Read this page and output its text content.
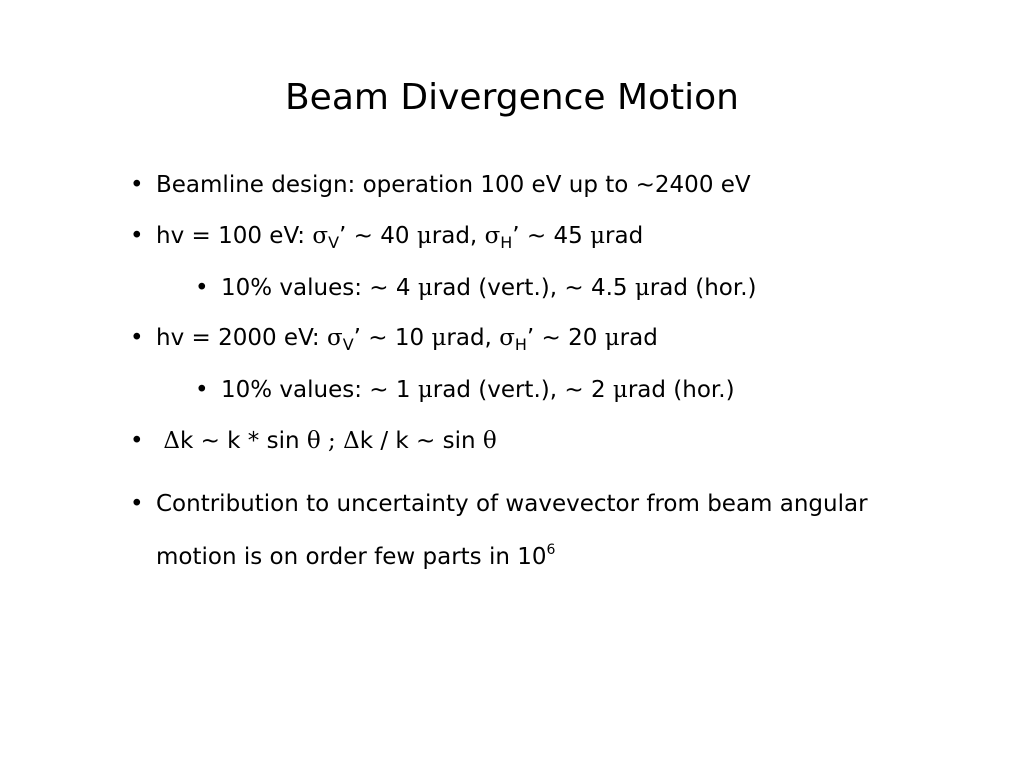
Beam Divergence Motion
• Beamline design: operation 100 eV up to ~2400 eV
• hv = 100 eV: $\sigma_V$’ ~ 40 μrad, $\sigma_H$’ ~ 45 μrad
• 10% values: ~ 4 μrad (vert.), ~ 4.5 μrad (hor.)
• hv = 2000 eV: $\sigma_V$’ ~ 10 μrad, $\sigma_H$’ ~ 20 μrad
• 10% values: ~ 1 μrad (vert.), ~ 2 μrad (hor.)
• Δk ~ k * sin θ ; Δk / k ~ sin θ
• Contribution to uncertainty of wavevector from beam angular motion is on order few parts in $10^6$
